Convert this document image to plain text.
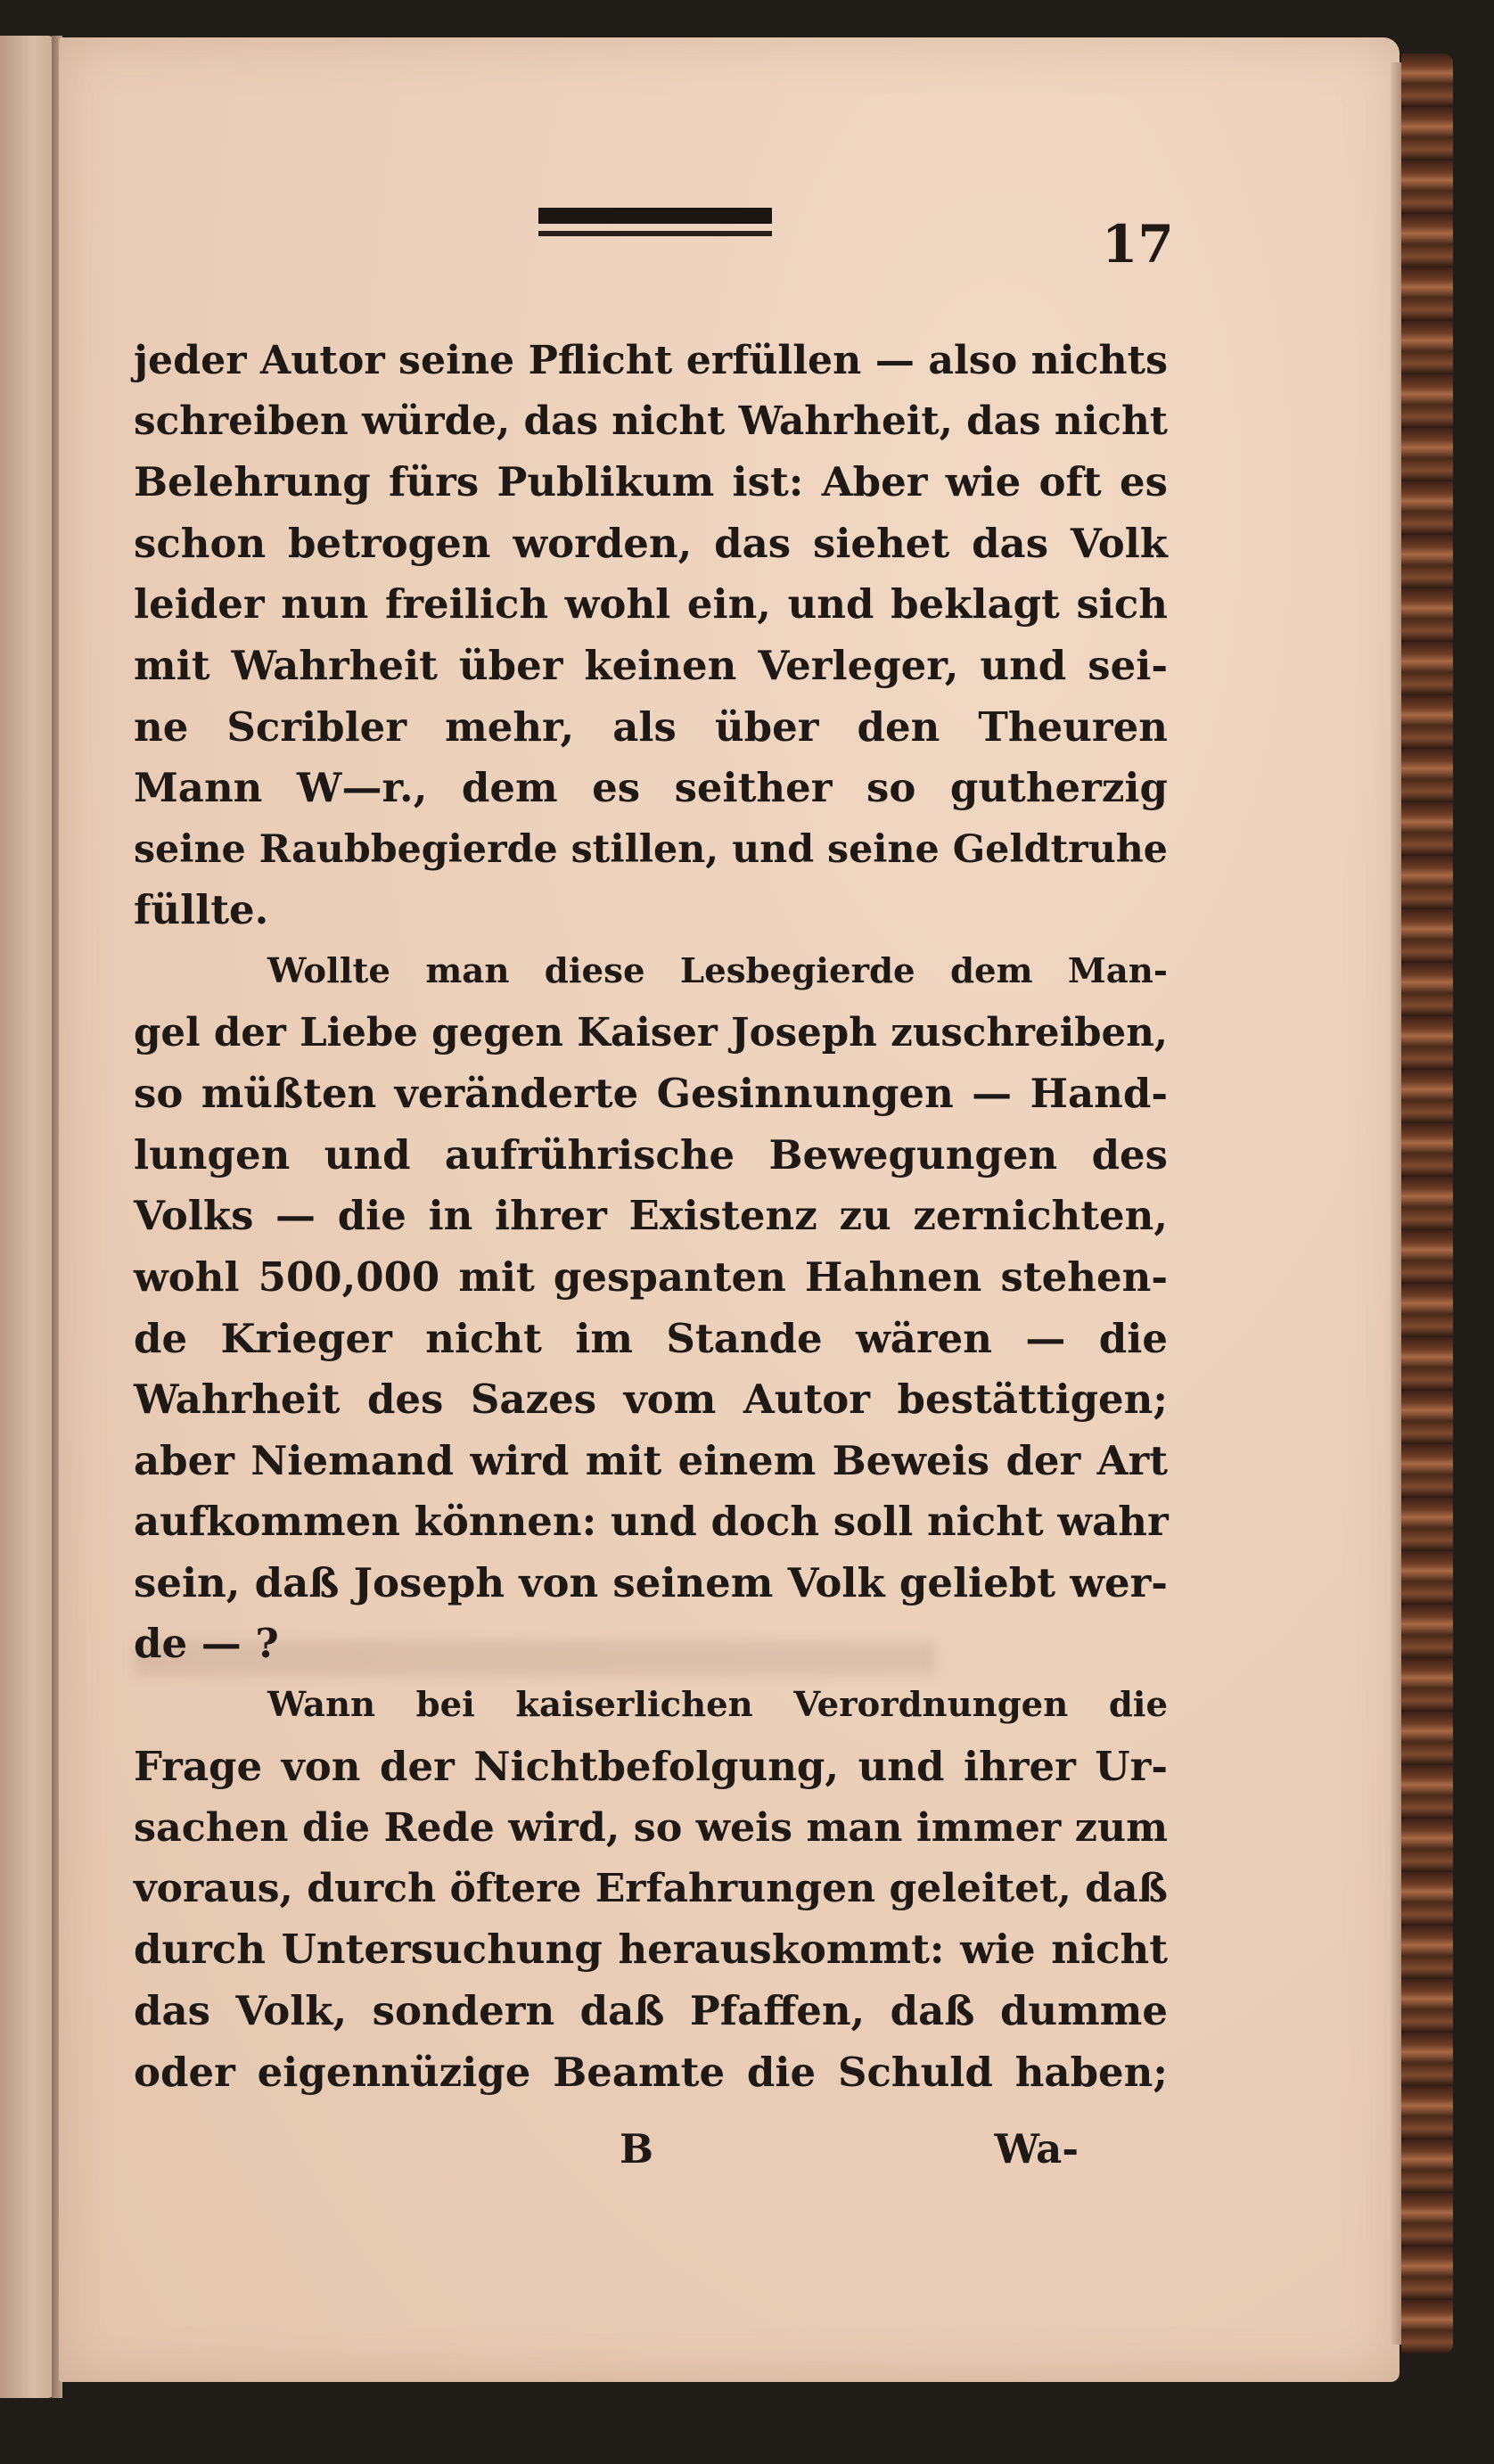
17
jeder Autor seine Pflicht erfüllen — also nichts
schreiben würde, das nicht Wahrheit, das nicht
Belehrung fürs Publikum ist: Aber wie oft es
schon betrogen worden, das siehet das Volk
leider nun freilich wohl ein, und beklagt sich
mit Wahrheit über keinen Verleger, und sei-
ne Scribler mehr, als über den Theuren
Mann W—r., dem es seither so gutherzig
seine Raubbegierde stillen, und seine Geldtruhe
füllte.
Wollte man diese Lesbegierde dem Man-
gel der Liebe gegen Kaiser Joseph zuschreiben,
so müßten veränderte Gesinnungen — Hand-
lungen und aufrührische Bewegungen des
Volks — die in ihrer Existenz zu zernichten,
wohl 500,000 mit gespanten Hahnen stehen-
de Krieger nicht im Stande wären — die
Wahrheit des Sazes vom Autor bestättigen;
aber Niemand wird mit einem Beweis der Art
aufkommen können: und doch soll nicht wahr
sein, daß Joseph von seinem Volk geliebt wer-
de — ?
Wann bei kaiserlichen Verordnungen die
Frage von der Nichtbefolgung, und ihrer Ur-
sachen die Rede wird, so weis man immer zum
voraus, durch öftere Erfahrungen geleitet, daß
durch Untersuchung herauskommt: wie nicht
das Volk, sondern daß Pfaffen, daß dumme
oder eigennüzige Beamte die Schuld haben;
B	Wa-
